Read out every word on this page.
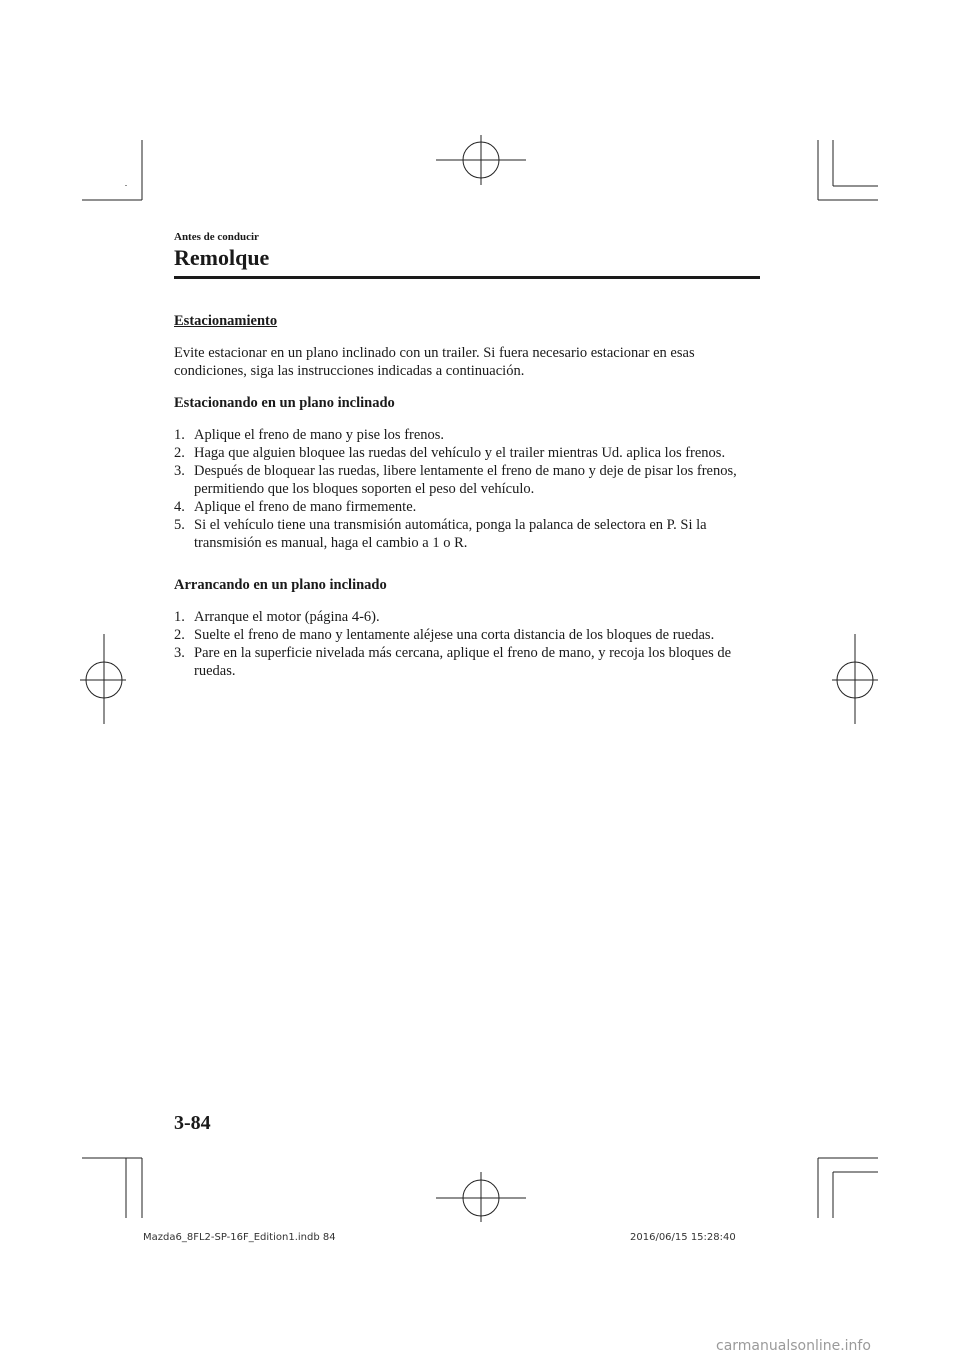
Antes de conducir

Remolque

Estacionamiento

Evite estacionar en un plano inclinado con un trailer. Si fuera necesario estacionar en esas condiciones, siga las instrucciones indicadas a continuación.

Estacionando en un plano inclinado

1. Aplique el freno de mano y pise los frenos.
2. Haga que alguien bloquee las ruedas del vehículo y el trailer mientras Ud. aplica los frenos.
3. Después de bloquear las ruedas, libere lentamente el freno de mano y deje de pisar los frenos, permitiendo que los bloques soporten el peso del vehículo.
4. Aplique el freno de mano firmemente.
5. Si el vehículo tiene una transmisión automática, ponga la palanca de selectora en P. Si la transmisión es manual, haga el cambio a 1 o R.

Arrancando en un plano inclinado

1. Arranque el motor (página 4-6).
2. Suelte el freno de mano y lentamente aléjese una corta distancia de los bloques de ruedas.
3. Pare en la superficie nivelada más cercana, aplique el freno de mano, y recoja los bloques de ruedas.

3-84

Mazda6_8FL2-SP-16F_Edition1.indb 84	2016/06/15 15:28:40
carmanualsonline.info
